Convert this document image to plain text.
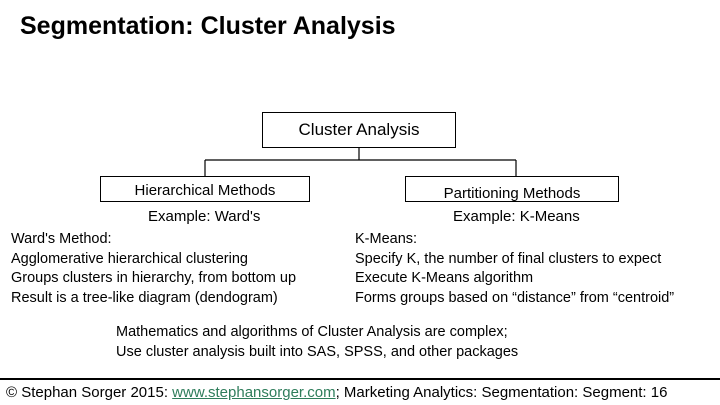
Segmentation: Cluster Analysis
Cluster Analysis
Hierarchical Methods
Example: Ward's
Partitioning Methods
Example: K-Means
Ward's Method:
Agglomerative hierarchical clustering
Groups clusters in hierarchy, from bottom up
Result is a tree-like diagram (dendogram)
K-Means:
Specify K, the number of final clusters to expect
Execute K-Means algorithm
Forms groups based on “distance” from “centroid”
Mathematics and algorithms of Cluster Analysis are complex;
Use cluster analysis built into SAS, SPSS, and other packages
© Stephan Sorger 2015: www.stephansorger.com; Marketing Analytics: Segmentation: Segment: 16
